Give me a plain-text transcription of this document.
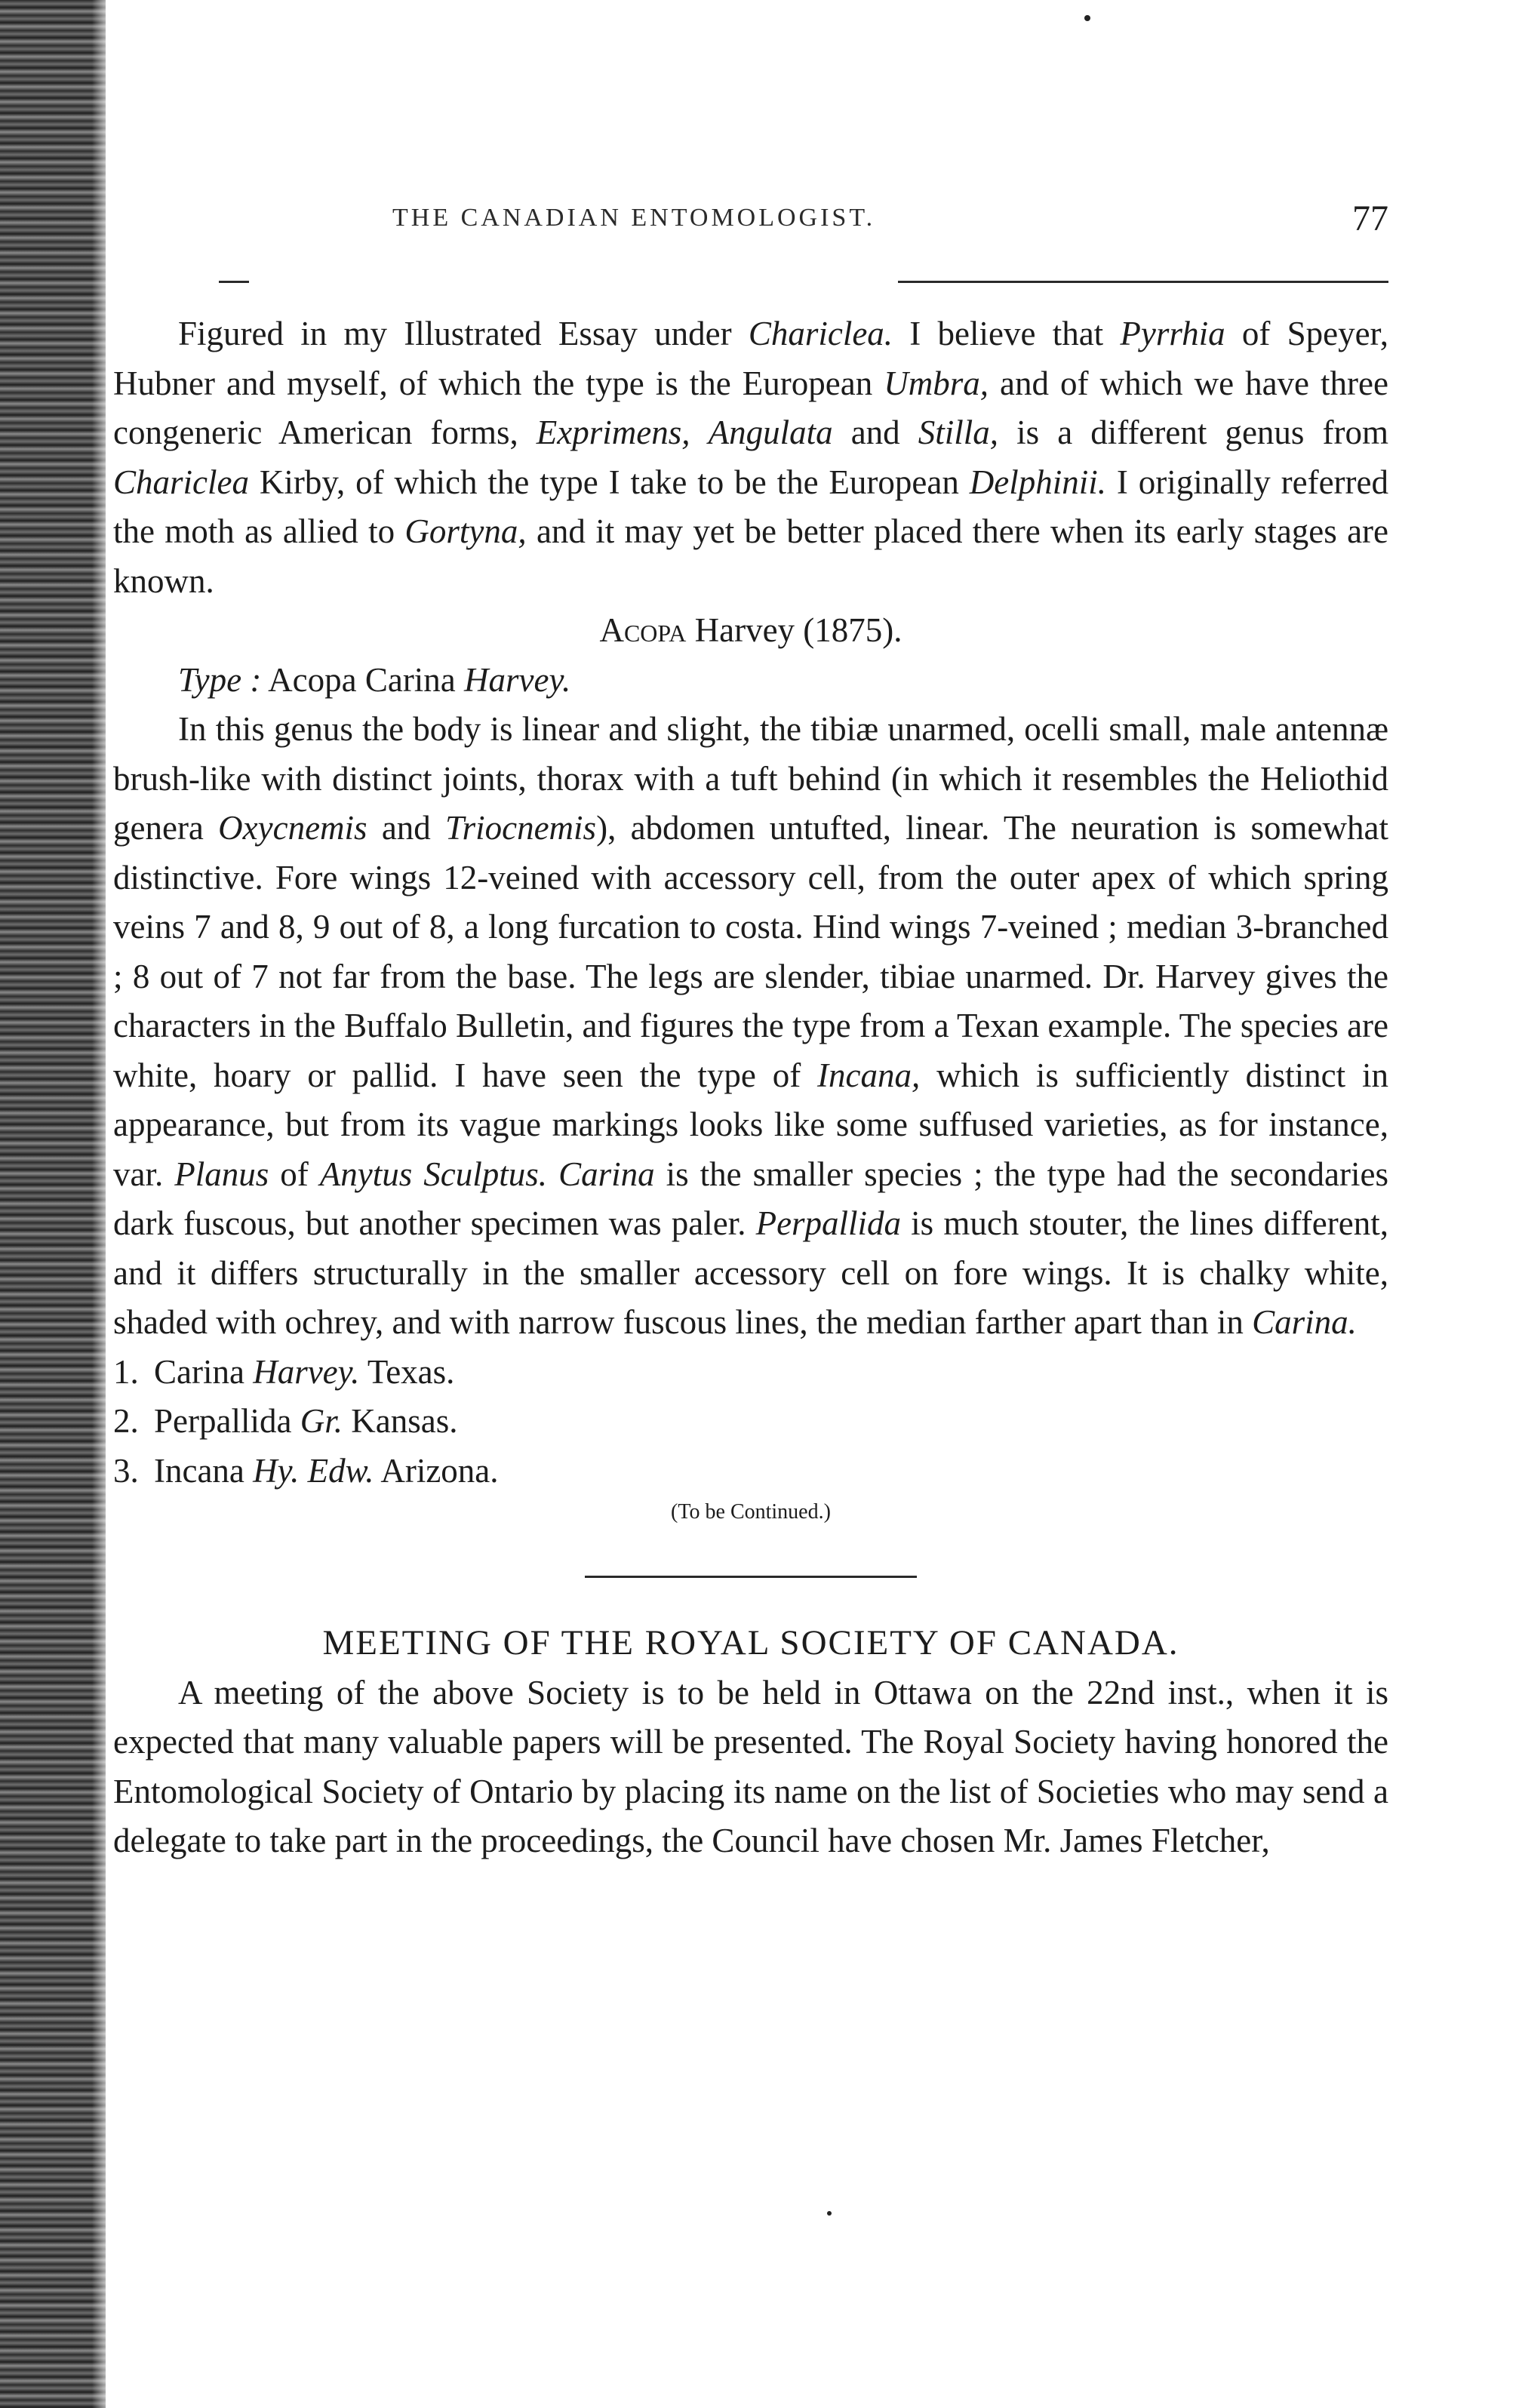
THE CANADIAN ENTOMOLOGIST.	77

Figured in my Illustrated Essay under Chariclea. I believe that Pyrrhia of Speyer, Hubner and myself, of which the type is the European Umbra, and of which we have three congeneric American forms, Exprimens, Angulata and Stilla, is a different genus from Chariclea Kirby, of which the type I take to be the European Delphinii. I originally referred the moth as allied to Gortyna, and it may yet be better placed there when its early stages are known.

Acopa Harvey (1875).

Type : Acopa Carina Harvey.

In this genus the body is linear and slight, the tibiæ unarmed, ocelli small, male antennæ brush-like with distinct joints, thorax with a tuft behind (in which it resembles the Heliothid genera Oxycnemis and Triocnemis), abdomen untufted, linear. The neuration is somewhat distinctive. Fore wings 12-veined with accessory cell, from the outer apex of which spring veins 7 and 8, 9 out of 8, a long furcation to costa. Hind wings 7-veined ; median 3-branched ; 8 out of 7 not far from the base. The legs are slender, tibiae unarmed. Dr. Harvey gives the characters in the Buffalo Bulletin, and figures the type from a Texan example. The species are white, hoary or pallid. I have seen the type of Incana, which is sufficiently distinct in appearance, but from its vague markings looks like some suffused varieties, as for instance, var. Planus of Anytus Sculptus. Carina is the smaller species ; the type had the secondaries dark fuscous, but another specimen was paler. Perpallida is much stouter, the lines different, and it differs structurally in the smaller accessory cell on fore wings. It is chalky white, shaded with ochrey, and with narrow fuscous lines, the median farther apart than in Carina.

1. Carina Harvey. Texas.

2. Perpallida Gr. Kansas.

3. Incana Hy. Edw. Arizona.

(To be Continued.)

MEETING OF THE ROYAL SOCIETY OF CANADA.

A meeting of the above Society is to be held in Ottawa on the 22nd inst., when it is expected that many valuable papers will be presented. The Royal Society having honored the Entomological Society of Ontario by placing its name on the list of Societies who may send a delegate to take part in the proceedings, the Council have chosen Mr. James Fletcher,
